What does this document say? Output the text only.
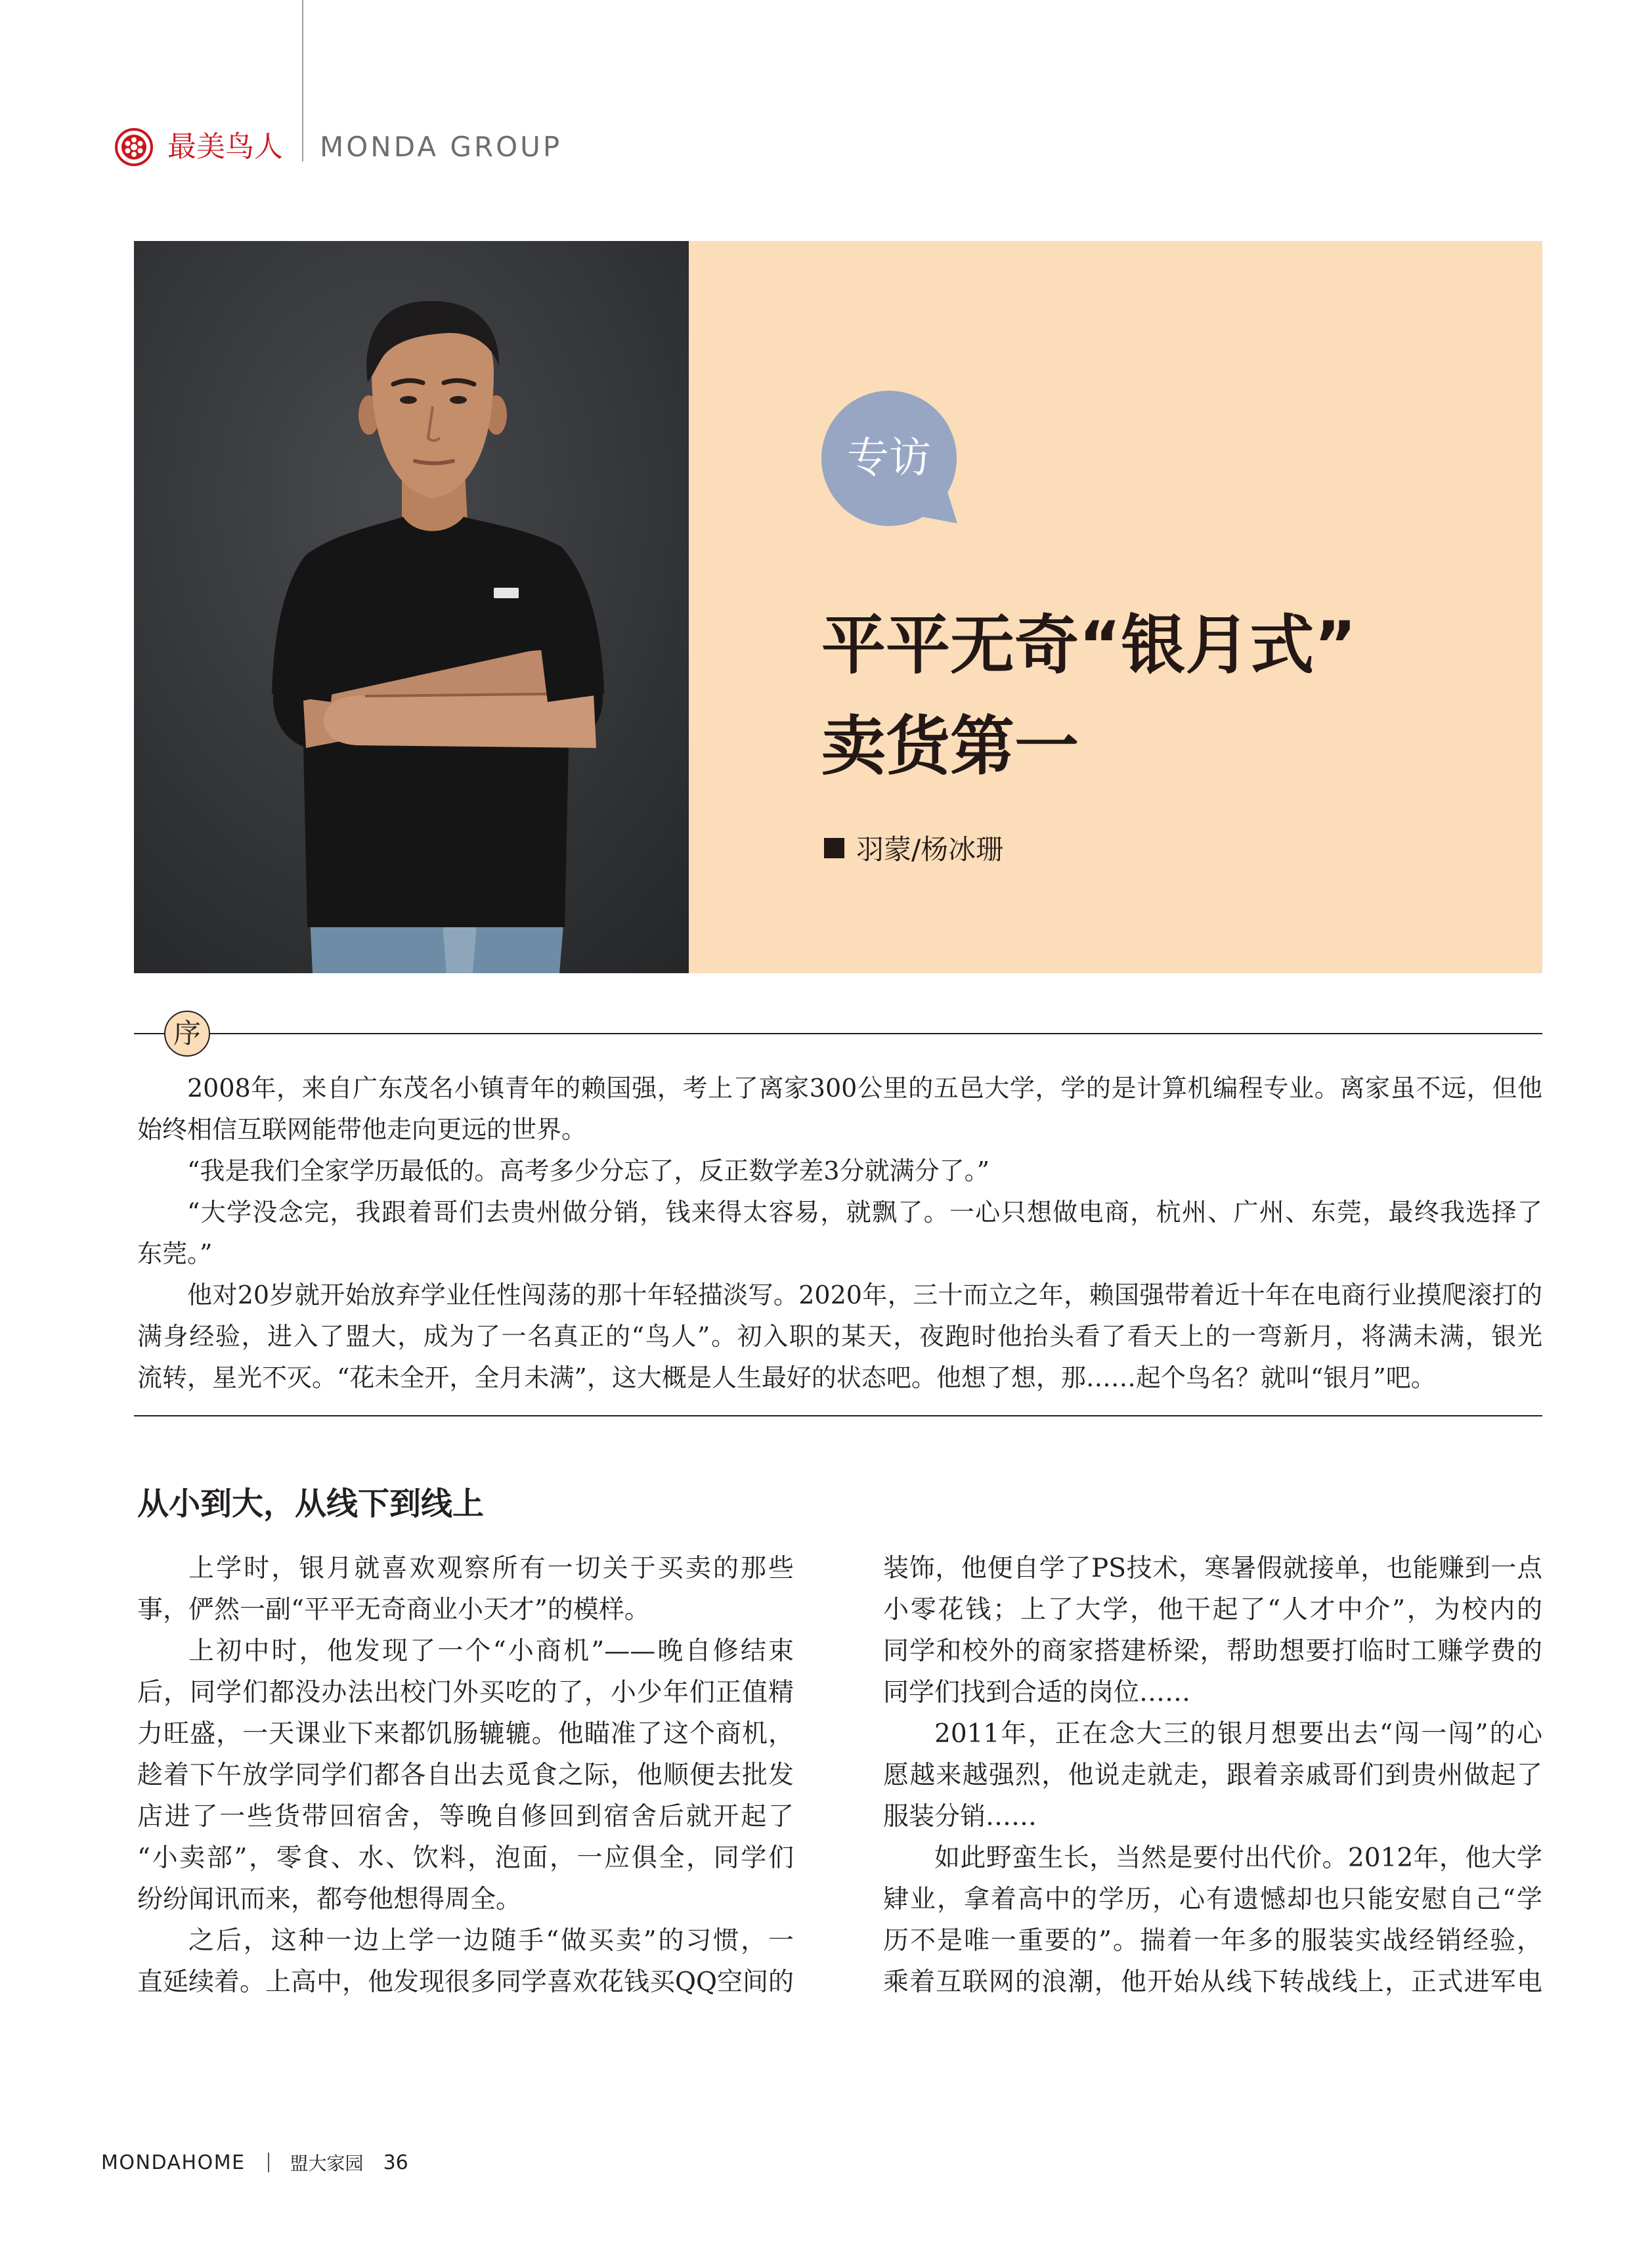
最美鸟人 MONDA GROUP
专访
平平无奇“银月式”
卖货第一
羽蒙/杨冰珊
序
2008年，来自广东茂名小镇青年的赖国强，考上了离家300公里的五邑大学，学的是计算机编程专业。离家虽不远，但他
始终相信互联网能带他走向更远的世界。
“我是我们全家学历最低的。高考多少分忘了，反正数学差3分就满分了。”
“大学没念完，我跟着哥们去贵州做分销，钱来得太容易，就飘了。一心只想做电商，杭州、广州、东莞，最终我选择了
东莞。”
他对20岁就开始放弃学业任性闯荡的那十年轻描淡写。2020年，三十而立之年，赖国强带着近十年在电商行业摸爬滚打的
满身经验，进入了盟大，成为了一名真正的“鸟人”。初入职的某天，夜跑时他抬头看了看天上的一弯新月，将满未满，银光
流转，星光不灭。“花未全开，全月未满”，这大概是人生最好的状态吧。他想了想，那……起个鸟名？就叫“银月”吧。
从小到大，从线下到线上
上学时，银月就喜欢观察所有一切关于买卖的那些
事，俨然一副“平平无奇商业小天才”的模样。
上初中时，他发现了一个“小商机”——晚自修结束
后，同学们都没办法出校门外买吃的了，小少年们正值精
力旺盛，一天课业下来都饥肠辘辘。他瞄准了这个商机，
趁着下午放学同学们都各自出去觅食之际，他顺便去批发
店进了一些货带回宿舍，等晚自修回到宿舍后就开起了
“小卖部”，零食、水、饮料，泡面，一应俱全，同学们
纷纷闻讯而来，都夸他想得周全。
之后，这种一边上学一边随手“做买卖”的习惯，一
直延续着。上高中，他发现很多同学喜欢花钱买QQ空间的
装饰，他便自学了PS技术，寒暑假就接单，也能赚到一点
小零花钱；上了大学，他干起了“人才中介”，为校内的
同学和校外的商家搭建桥梁，帮助想要打临时工赚学费的
同学们找到合适的岗位……
2011年，正在念大三的银月想要出去“闯一闯”的心
愿越来越强烈，他说走就走，跟着亲戚哥们到贵州做起了
服装分销……
如此野蛮生长，当然是要付出代价。2012年，他大学
肄业，拿着高中的学历，心有遗憾却也只能安慰自己“学
历不是唯一重要的”。揣着一年多的服装实战经销经验，
乘着互联网的浪潮，他开始从线下转战线上，正式进军电
MONDAHOME 盟大家园 36
